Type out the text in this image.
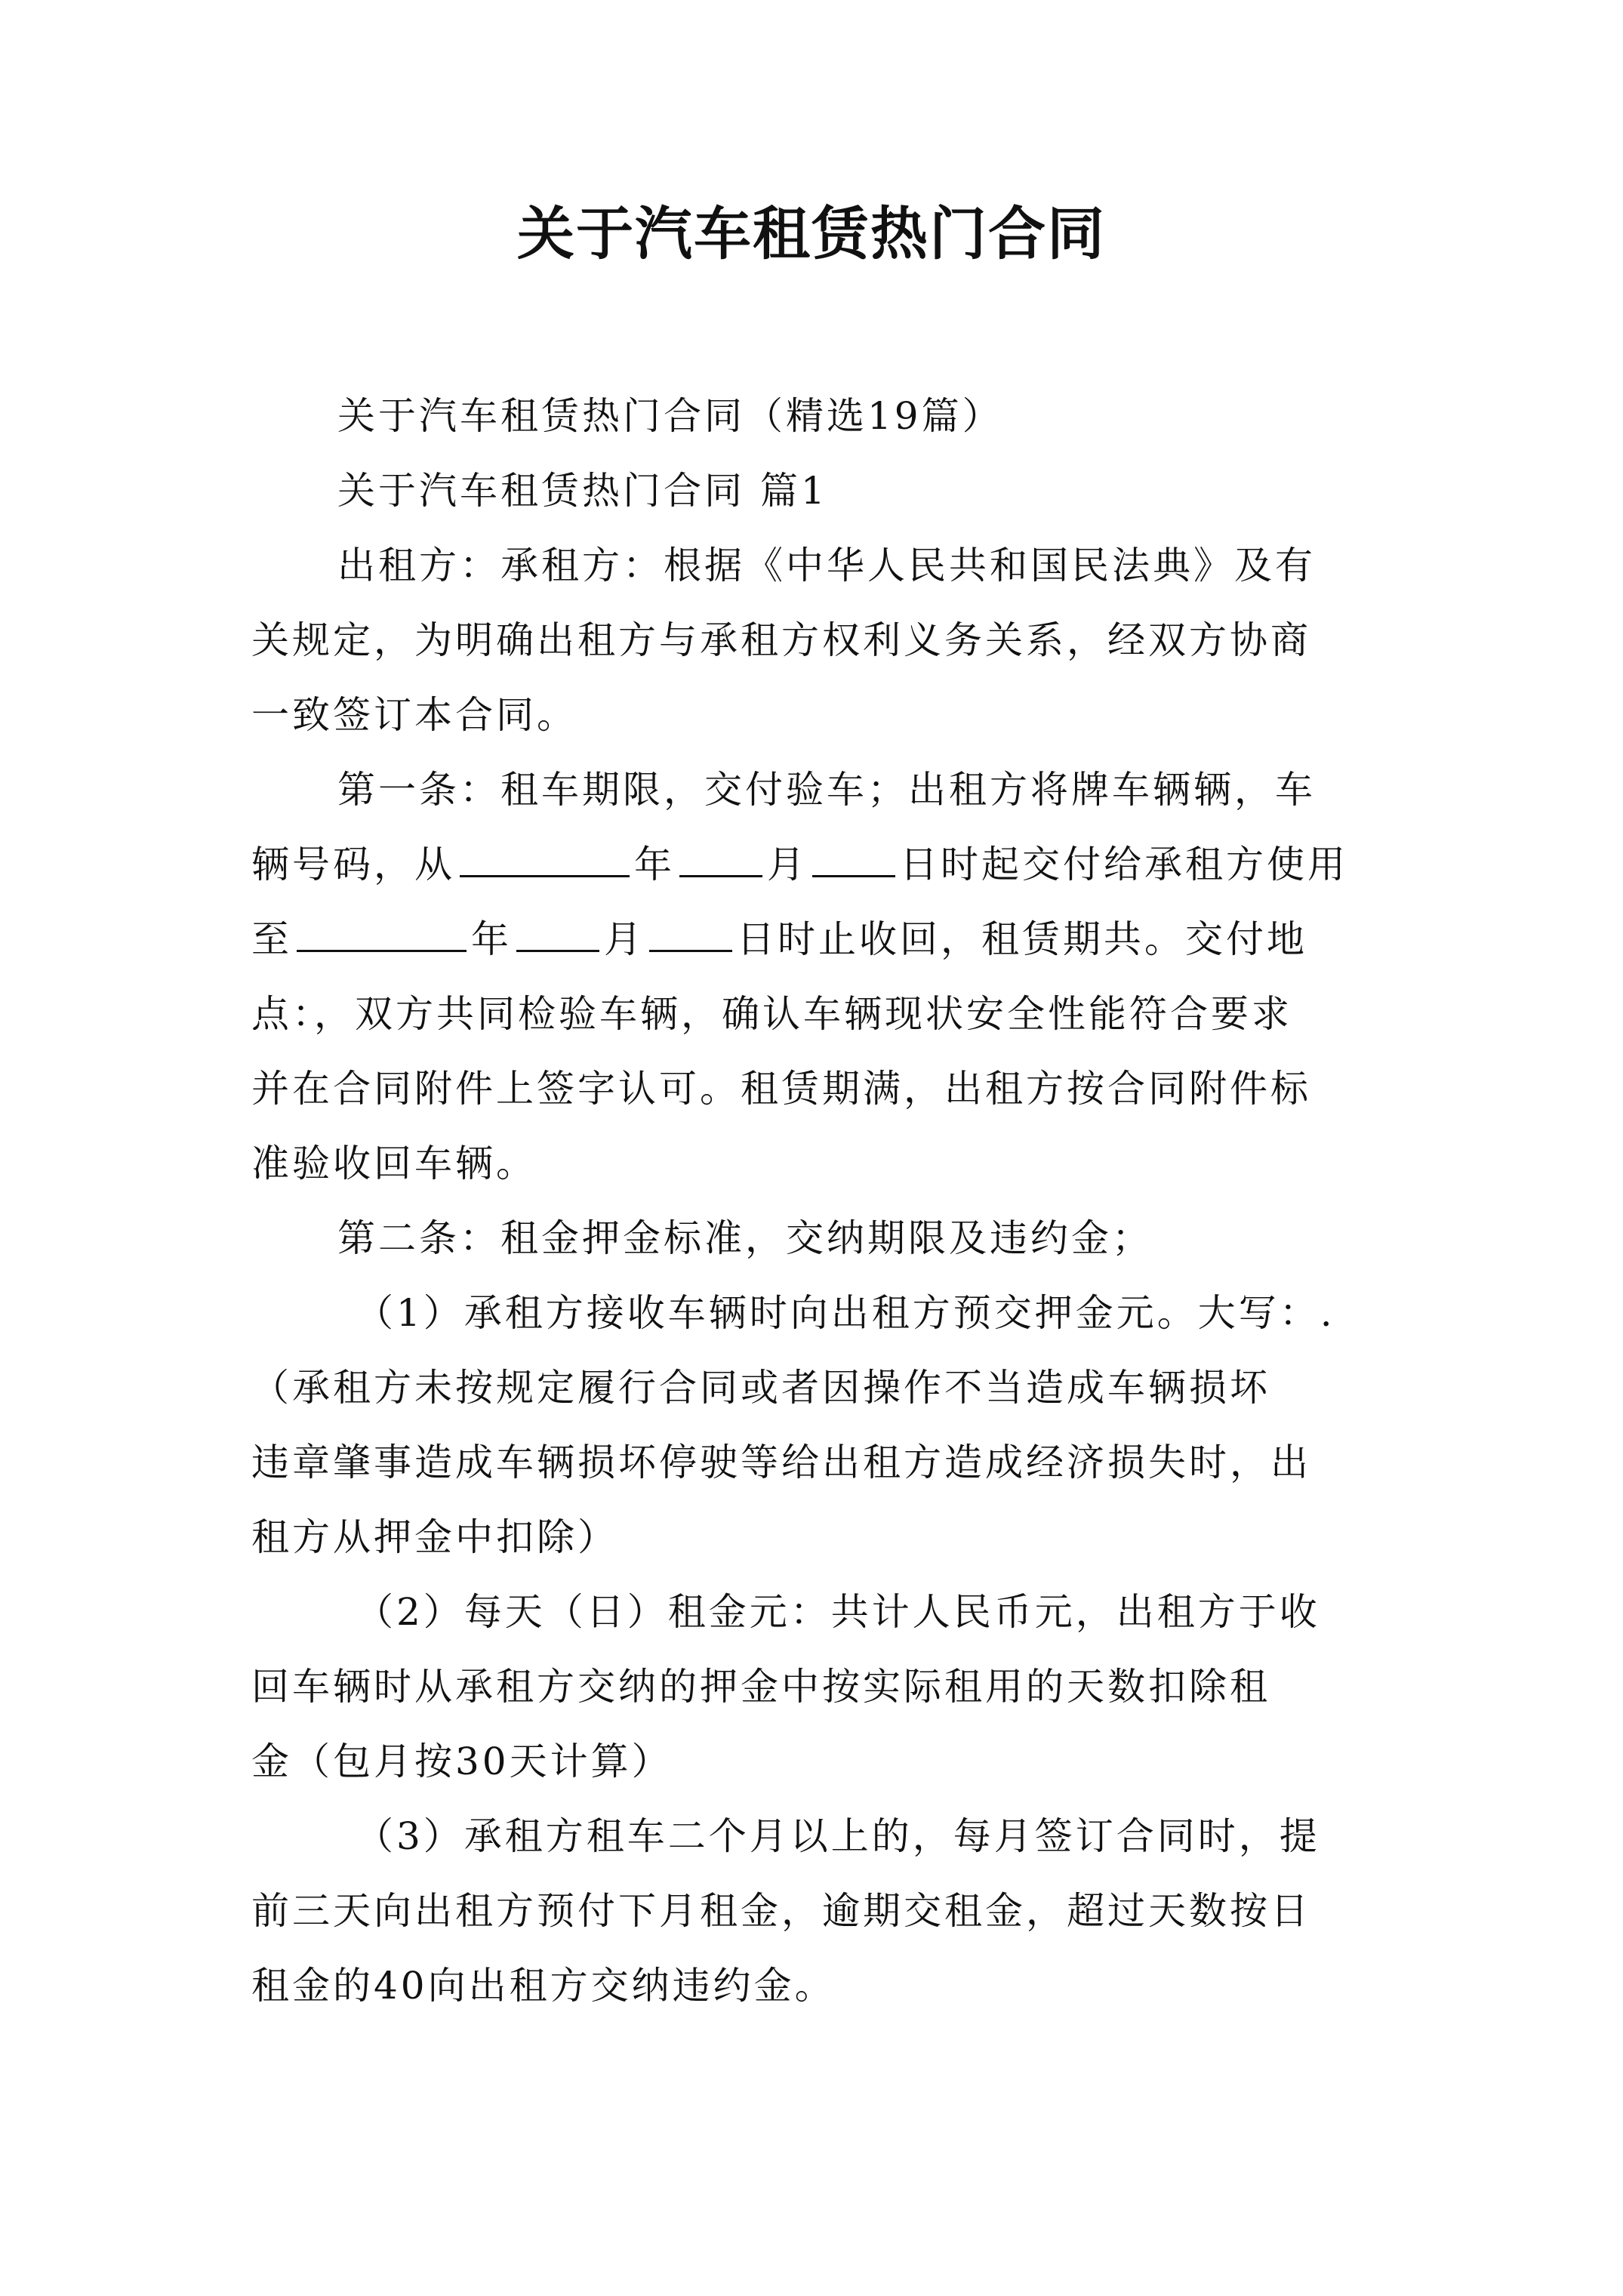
关于汽车租赁热门合同
关于汽车租赁热门合同（精选19篇）
关于汽车租赁热门合同 篇1
出租方：承租方：根据《中华人民共和国民法典》及有
关规定，为明确出租方与承租方权利义务关系，经双方协商
一致签订本合同。
第一条：租车期限，交付验车；出租方将牌车辆辆，车
辆号码，从	年 月 日时起交付给承租方使用
至	年 月 日时止收回，租赁期共。交付地
点：，双方共同检验车辆，确认车辆现状安全性能符合要求
并在合同附件上签字认可。租赁期满，出租方按合同附件标
准验收回车辆。
第二条：租金押金标准，交纳期限及违约金；
（1）承租方接收车辆时向出租方预交押金元。大写：.
（承租方未按规定履行合同或者因操作不当造成车辆损坏
违章肇事造成车辆损坏停驶等给出租方造成经济损失时，出
租方从押金中扣除）
（2）每天（日）租金元：共计人民币元，出租方于收
回车辆时从承租方交纳的押金中按实际租用的天数扣除租
金（包月按30天计算）
（3）承租方租车二个月以上的，每月签订合同时，提
前三天向出租方预付下月租金，逾期交租金，超过天数按日
租金的40向出租方交纳违约金。
